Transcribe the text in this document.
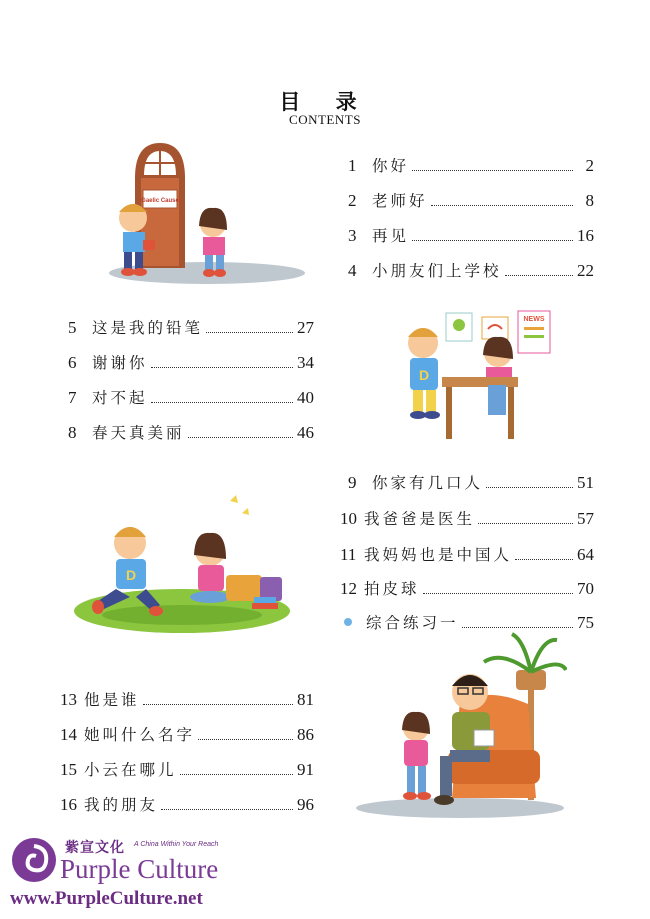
目 录
CONTENTS
Gaelic Cause
1	你好	2
2	老师好	8
3	再见	16
4	小朋友们上学校	22
5	这是我的铅笔	27
6	谢谢你	34
7	对不起	40
8	春天真美丽	46
NEWS
D
9	你家有几口人	51
10 我爸爸是医生	57
11 我妈妈也是中国人	64
12 拍皮球	70
综合练习一	75
D
13 他是谁	81
14 她叫什么名字	86
15 小云在哪儿	91
16 我的朋友	96
紫宣文化 A China Within Your Reach
Purple Culture
www.PurpleCulture.net
